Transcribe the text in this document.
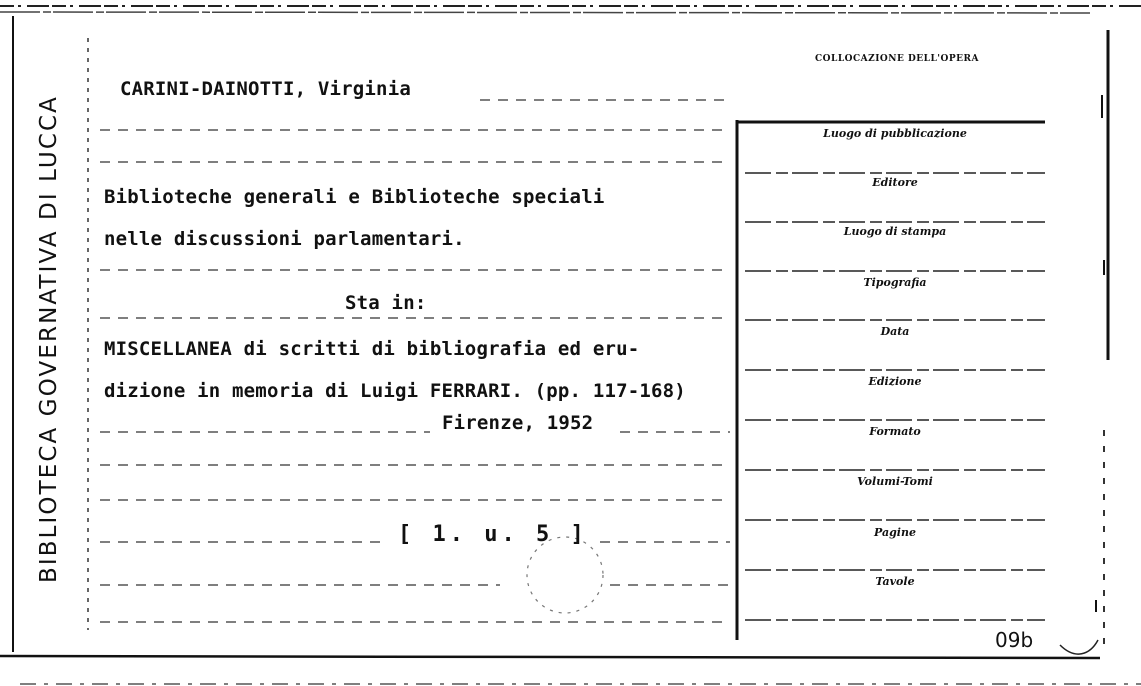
BIBLIOTECA GOVERNATIVA DI LUCCA
COLLOCAZIONE DELL'OPERA
CARINI-DAINOTTI, Virginia
Biblioteche generali e Biblioteche speciali
nelle discussioni parlamentari.
Sta in:
MISCELLANEA di scritti di bibliografia ed eru-
dizione in memoria di Luigi FERRARI. (pp. 117-168)
Firenze, 1952
[ 1. u. 5 ]
09b
Luogo di pubblicazione
Editore
Luogo di stampa
Tipografia
Data
Edizione
Formato
Volumi-Tomi
Pagine
Tavole
